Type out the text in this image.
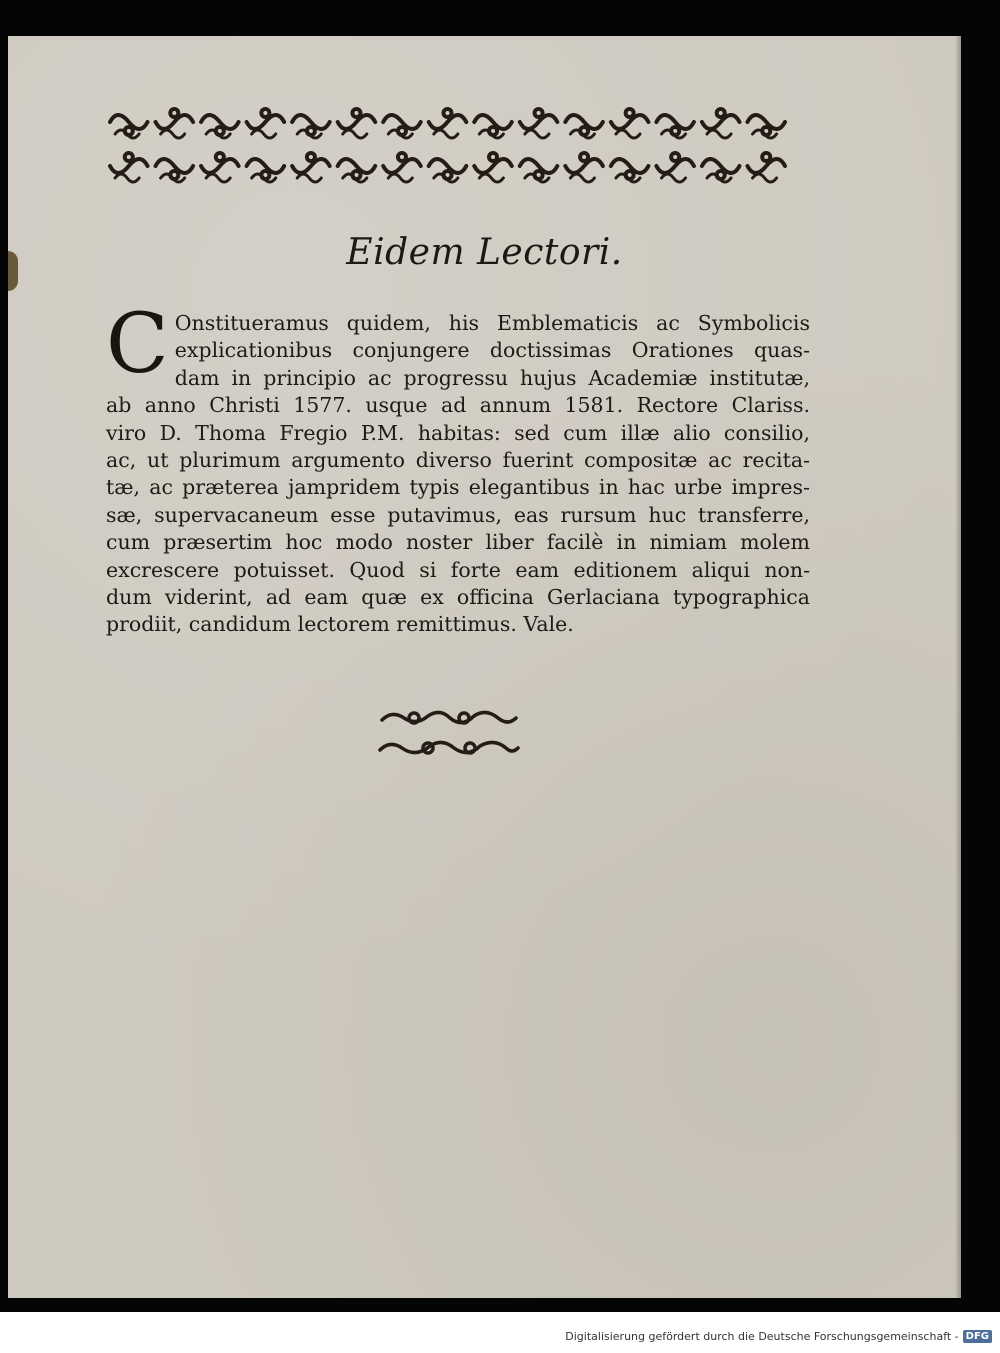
Eidem Lectori.
C Onstitueramus quidem, his Emblematicis ac Symbolicis
explicationibus conjungere doctissimas Orationes quas-
dam in principio ac progressu hujus Academiæ institutæ,
ab anno Christi 1577. usque ad annum 1581. Rectore Clariss.
viro D. Thoma Fregio P.M. habitas: sed cum illæ alio consilio,
ac, ut plurimum argumento diverso fuerint compositæ ac recita-
tæ, ac præterea jampridem typis elegantibus in hac urbe impres-
sæ, supervacaneum esse putavimus, eas rursum huc transferre,
cum præsertim hoc modo noster liber facilè in nimiam molem
excrescere potuisset. Quod si forte eam editionem aliqui non-
dum viderint, ad eam quæ ex officina Gerlaciana typographica
prodiit, candidum lectorem remittimus. Vale.
Digitalisierung gefördert durch die Deutsche Forschungsgemeinschaft - DFG
